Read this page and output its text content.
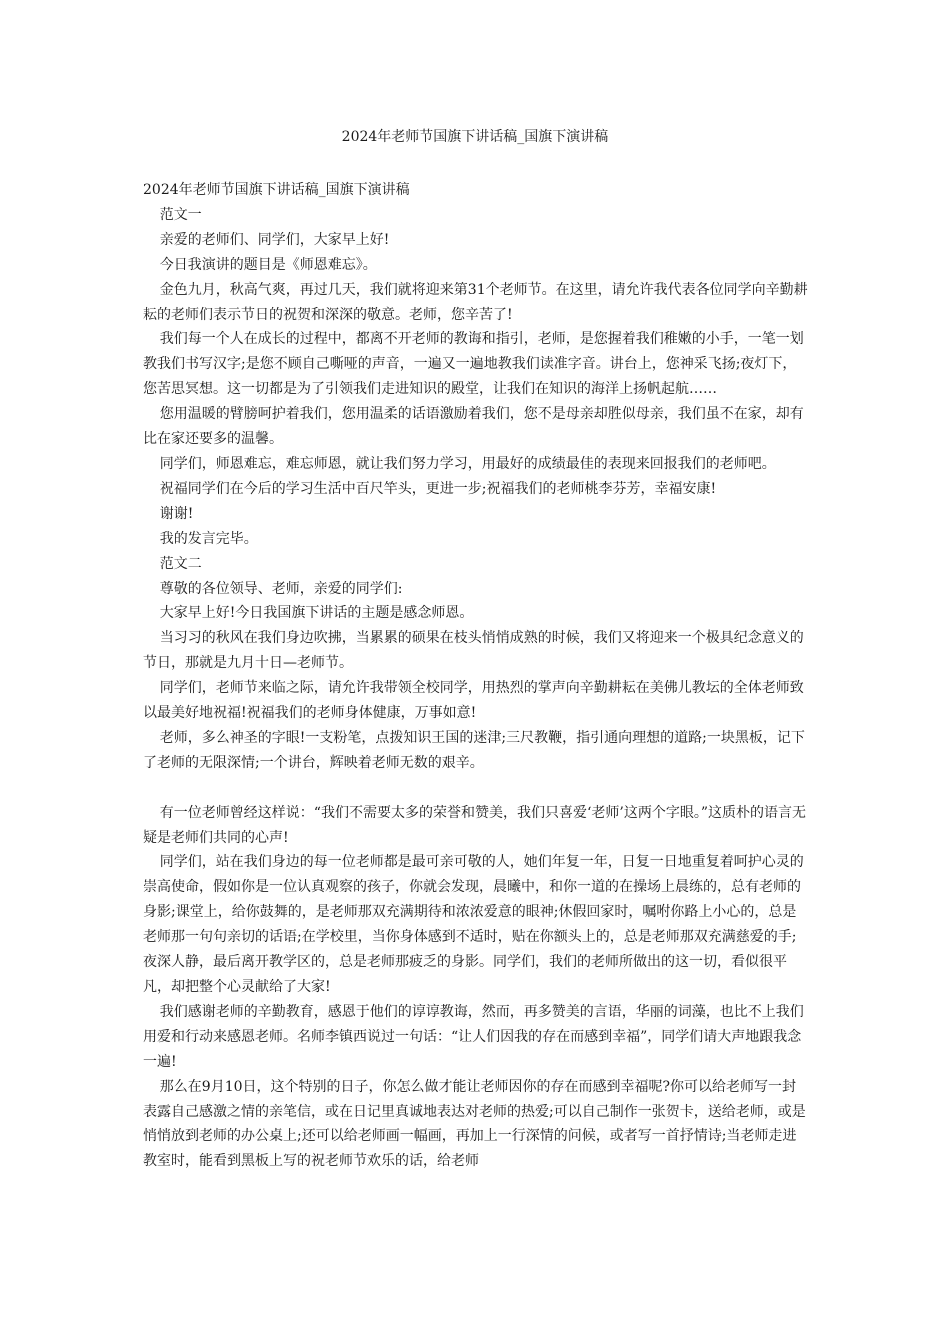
2024年老师节国旗下讲话稿_国旗下演讲稿

2024年老师节国旗下讲话稿_国旗下演讲稿

范文一

亲爱的老师们、同学们，大家早上好!

今日我演讲的题目是《师恩难忘》。

金色九月，秋高气爽，再过几天，我们就将迎来第31个老师节。在这里，请允许我代表各位同学向辛勤耕耘的老师们表示节日的祝贺和深深的敬意。老师，您辛苦了!

我们每一个人在成长的过程中，都离不开老师的教诲和指引，老师，是您握着我们稚嫩的小手，一笔一划教我们书写汉字;是您不顾自己嘶哑的声音，一遍又一遍地教我们读准字音。讲台上，您神采飞扬;夜灯下，您苦思冥想。这一切都是为了引领我们走进知识的殿堂，让我们在知识的海洋上扬帆起航……

您用温暖的臂膀呵护着我们，您用温柔的话语激励着我们，您不是母亲却胜似母亲，我们虽不在家，却有比在家还要多的温馨。

同学们，师恩难忘，难忘师恩，就让我们努力学习，用最好的成绩最佳的表现来回报我们的老师吧。

祝福同学们在今后的学习生活中百尺竿头，更进一步;祝福我们的老师桃李芬芳，幸福安康!

谢谢!

我的发言完毕。

范文二

尊敬的各位领导、老师，亲爱的同学们:

大家早上好!今日我国旗下讲话的主题是感念师恩。

当习习的秋风在我们身边吹拂，当累累的硕果在枝头悄悄成熟的时候，我们又将迎来一个极具纪念意义的节日，那就是九月十日—老师节。

同学们，老师节来临之际，请允许我带领全校同学，用热烈的掌声向辛勤耕耘在美佛儿教坛的全体老师致以最美好地祝福!祝福我们的老师身体健康，万事如意!

老师，多么神圣的字眼!一支粉笔，点拨知识王国的迷津;三尺教鞭，指引通向理想的道路;一块黑板，记下了老师的无限深情;一个讲台，辉映着老师无数的艰辛。

有一位老师曾经这样说：“我们不需要太多的荣誉和赞美，我们只喜爱‘老师’这两个字眼。”这质朴的语言无疑是老师们共同的心声!

同学们，站在我们身边的每一位老师都是最可亲可敬的人，她们年复一年，日复一日地重复着呵护心灵的崇高使命，假如你是一位认真观察的孩子，你就会发现，晨曦中，和你一道的在操场上晨练的，总有老师的身影;课堂上，给你鼓舞的，是老师那双充满期待和浓浓爱意的眼神;休假回家时，嘱咐你路上小心的，总是老师那一句句亲切的话语;在学校里，当你身体感到不适时，贴在你额头上的，总是老师那双充满慈爱的手;夜深人静，最后离开教学区的，总是老师那疲乏的身影。同学们，我们的老师所做出的这一切，看似很平凡，却把整个心灵献给了大家!

我们感谢老师的辛勤教育，感恩于他们的谆谆教诲，然而，再多赞美的言语，华丽的词藻，也比不上我们用爱和行动来感恩老师。名师李镇西说过一句话：“让人们因我的存在而感到幸福”，同学们请大声地跟我念一遍!

那么在9月10日，这个特别的日子，你怎么做才能让老师因你的存在而感到幸福呢?你可以给老师写一封表露自己感激之情的亲笔信，或在日记里真诚地表达对老师的热爱;可以自己制作一张贺卡，送给老师，或是悄悄放到老师的办公桌上;还可以给老师画一幅画，再加上一行深情的问候，或者写一首抒情诗;当老师走进教室时，能看到黑板上写的祝老师节欢乐的话，给老师
